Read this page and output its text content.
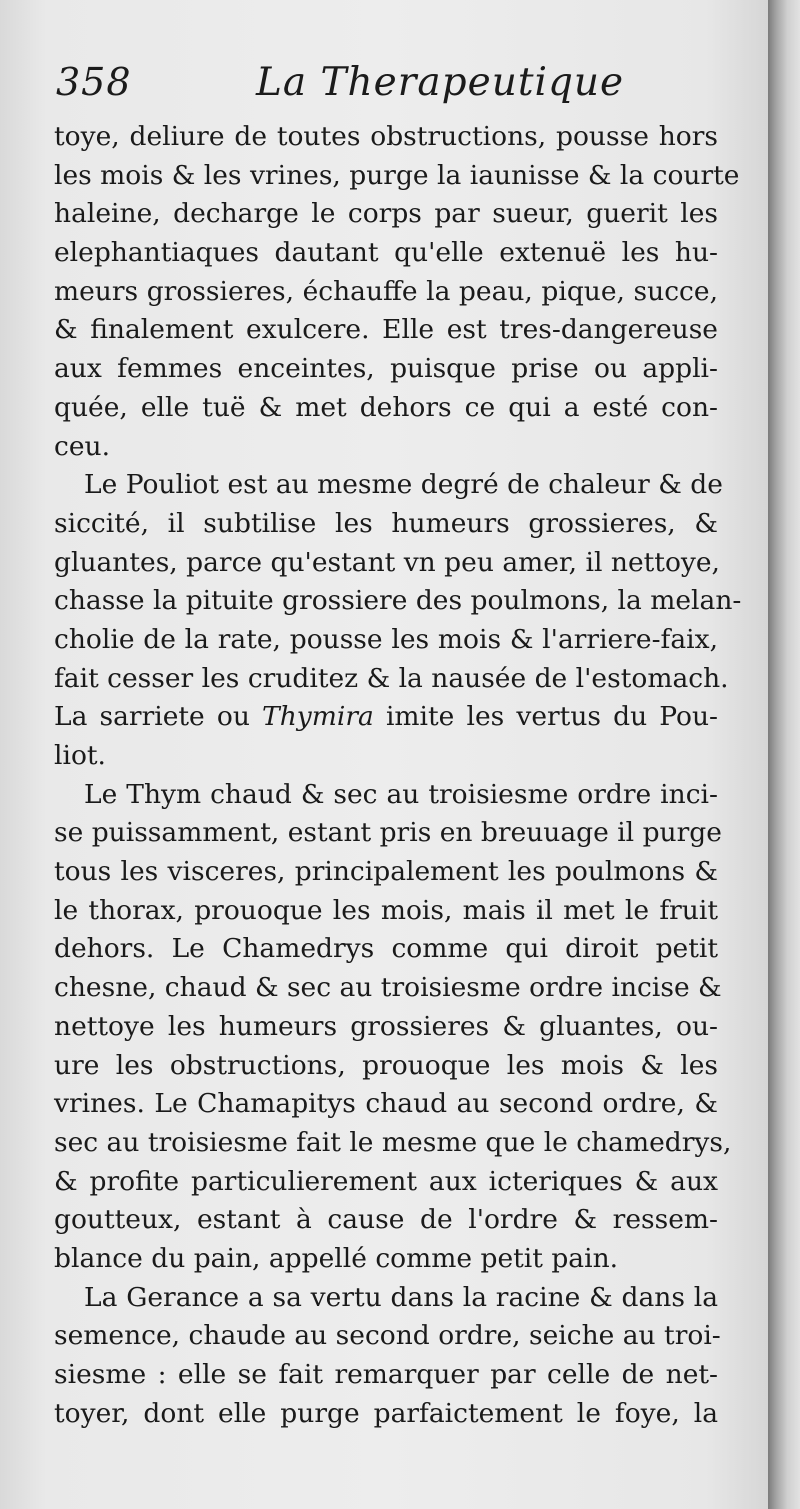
358	La Therapeutique
toye, deliure de toutes obstructions, pousse hors
les mois & les vrines, purge la iaunisse & la courte
haleine, decharge le corps par sueur, guerit les
elephantiaques dautant qu'elle extenuë les hu-
meurs grossieres, échauffe la peau, pique, succe,
& finalement exulcere. Elle est tres-dangereuse
aux femmes enceintes, puisque prise ou appli-
quée, elle tuë & met dehors ce qui a esté con-
ceu.
Le Pouliot est au mesme degré de chaleur & de
siccité, il subtilise les humeurs grossieres, &
gluantes, parce qu'estant vn peu amer, il nettoye,
chasse la pituite grossiere des poulmons, la melan-
cholie de la rate, pousse les mois & l'arriere-faix,
fait cesser les cruditez & la nausée de l'estomach.
La sarriete ou Thymira imite les vertus du Pou-
liot.
Le Thym chaud & sec au troisiesme ordre inci-
se puissamment, estant pris en breuuage il purge
tous les visceres, principalement les poulmons &
le thorax, prouoque les mois, mais il met le fruit
dehors. Le Chamedrys comme qui diroit petit
chesne, chaud & sec au troisiesme ordre incise &
nettoye les humeurs grossieres & gluantes, ou-
ure les obstructions, prouoque les mois & les
vrines. Le Chamapitys chaud au second ordre, &
sec au troisiesme fait le mesme que le chamedrys,
& profite particulierement aux icteriques & aux
goutteux, estant à cause de l'ordre & ressem-
blance du pain, appellé comme petit pain.
La Gerance a sa vertu dans la racine & dans la
semence, chaude au second ordre, seiche au troi-
siesme : elle se fait remarquer par celle de net-
toyer, dont elle purge parfaictement le foye, la
